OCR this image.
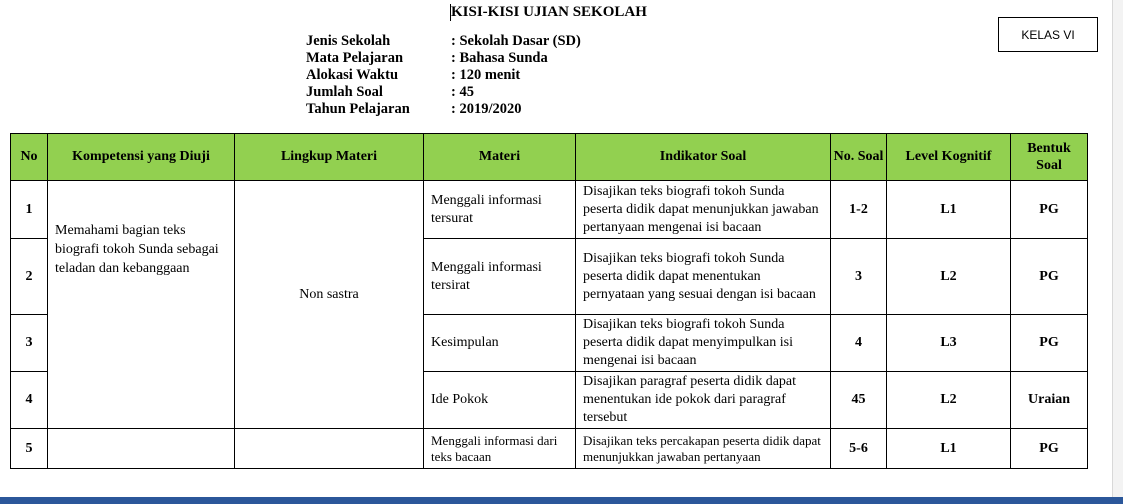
KISI-KISI UJIAN SEKOLAH
Jenis Sekolah	: Sekolah Dasar (SD)
Mata Pelajaran	: Bahasa Sunda
Alokasi Waktu	: 120 menit
Jumlah Soal	: 45
Tahun Pelajaran	: 2019/2020
KELAS VI
No	Kompetensi yang Diuji	Lingkup Materi	Materi	Indikator Soal	No. Soal	Level Kognitif	Bentuk Soal
1	Memahami bagian teks biografi tokoh Sunda sebagai teladan dan kebanggaan	Non sastra	Menggali informasi tersurat	Disajikan teks biografi tokoh Sunda peserta didik dapat menunjukkan jawaban pertanyaan mengenai isi bacaan	1-2	L1	PG
2			Menggali informasi tersirat	Disajikan teks biografi tokoh Sunda peserta didik dapat menentukan pernyataan yang sesuai dengan isi bacaan	3	L2	PG
3			Kesimpulan	Disajikan teks biografi tokoh Sunda peserta didik dapat menyimpulkan isi mengenai isi bacaan	4	L3	PG
4			Ide Pokok	Disajikan paragraf peserta didik dapat menentukan ide pokok dari paragraf tersebut	45	L2	Uraian
5			Menggali informasi dari teks bacaan	Disajikan teks percakapan peserta didik dapat menunjukkan jawaban pertanyaan	5-6	L1	PG
